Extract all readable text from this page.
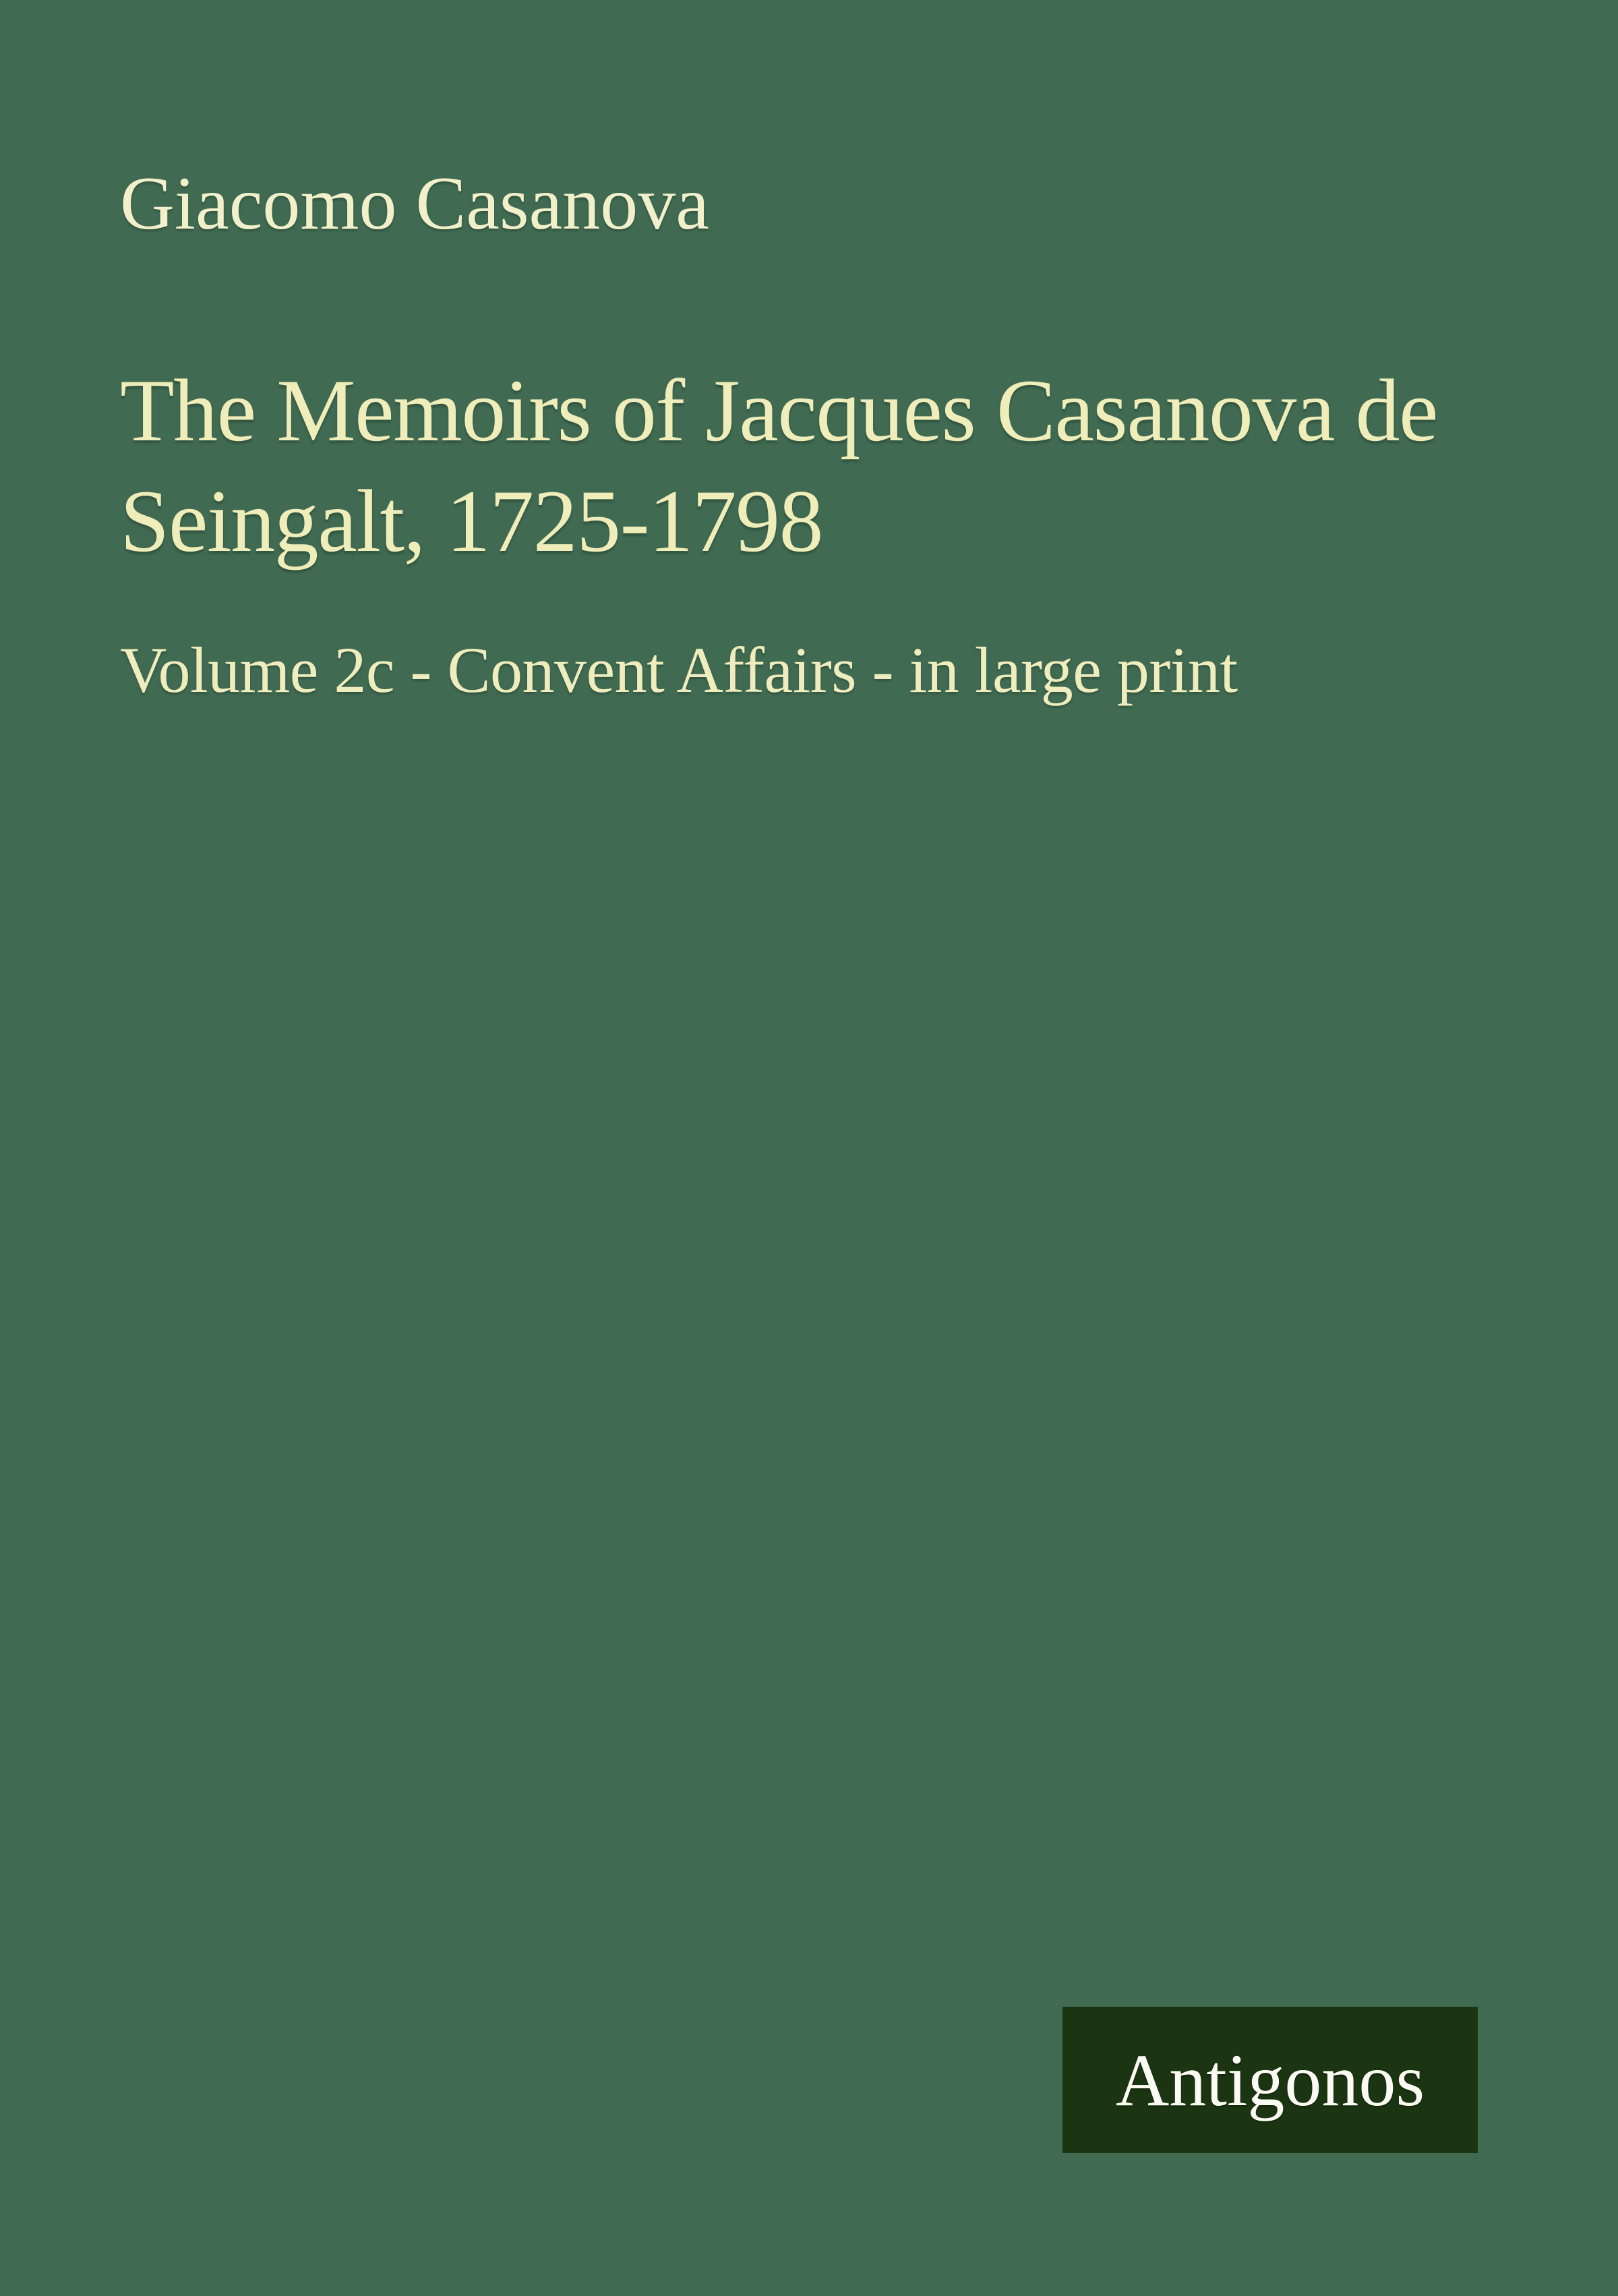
Giacomo Casanova
The Memoirs of Jacques Casanova de
Seingalt, 1725-1798
Volume 2c - Convent Affairs - in large print
Antigonos
